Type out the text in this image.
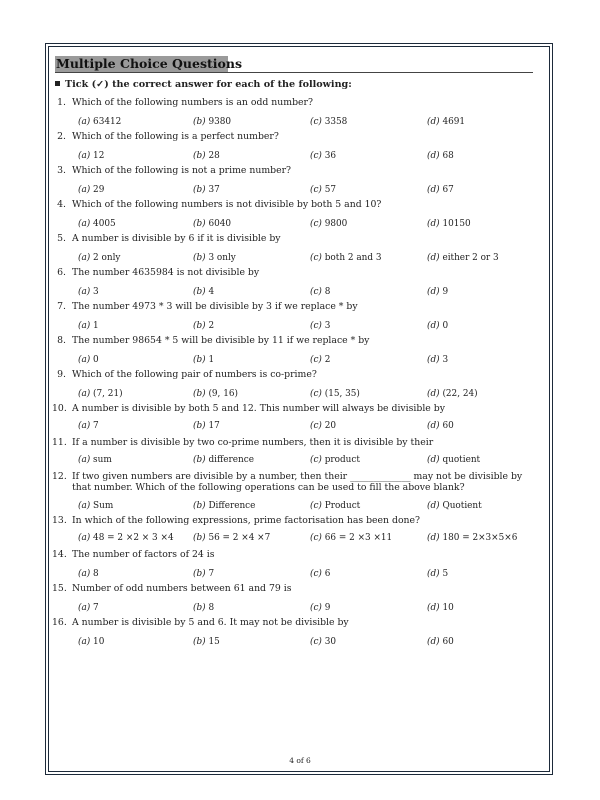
Multiple Choice Questions
Tick (✓) the correct answer for each of the following:
1. Which of the following numbers is an odd number?
(a) 63412	(b) 9380	(c) 3358	(d) 4691
2. Which of the following is a perfect number?
(a) 12	(b) 28	(c) 36	(d) 68
3. Which of the following is not a prime number?
(a) 29	(b) 37	(c) 57	(d) 67
4. Which of the following numbers is not divisible by both 5 and 10?
(a) 4005	(b) 6040	(c) 9800	(d) 10150
5. A number is divisible by 6 if it is divisible by
(a) 2 only	(b) 3 only	(c) both 2 and 3	(d) either 2 or 3
6. The number 4635984 is not divisible by
(a) 3	(b) 4	(c) 8	(d) 9
7. The number 4973 * 3 will be divisible by 3 if we replace * by
(a) 1	(b) 2	(c) 3	(d) 0
8. The number 98654 * 5 will be divisible by 11 if we replace * by
(a) 0	(b) 1	(c) 2	(d) 3
9. Which of the following pair of numbers is co-prime?
(a) (7, 21)	(b) (9, 16)	(c) (15, 35)	(d) (22, 24)
10. A number is divisible by both 5 and 12. This number will always be divisible by
(a) 7	(b) 17	(c) 20	(d) 60
11. If a number is divisible by two co-prime numbers, then it is divisible by their
(a) sum	(b) difference	(c) product	(d) quotient
12. If two given numbers are divisible by a number, then their _____________ may not be divisible by
that number. Which of the following operations can be used to fill the above blank?
(a) Sum	(b) Difference	(c) Product	(d) Quotient
13. In which of the following expressions, prime factorisation has been done?
(a) 48 = 2 ×2 × 3 ×4 (b) 56 = 2 ×4 ×7	(c) 66 = 2 ×3 ×11	(d) 180 = 2×3×5×6
14. The number of factors of 24 is
(a) 8	(b) 7	(c) 6	(d) 5
15. Number of odd numbers between 61 and 79 is
(a) 7	(b) 8	(c) 9	(d) 10
16. A number is divisible by 5 and 6. It may not be divisible by
(a) 10	(b) 15	(c) 30	(d) 60
4 of 6
